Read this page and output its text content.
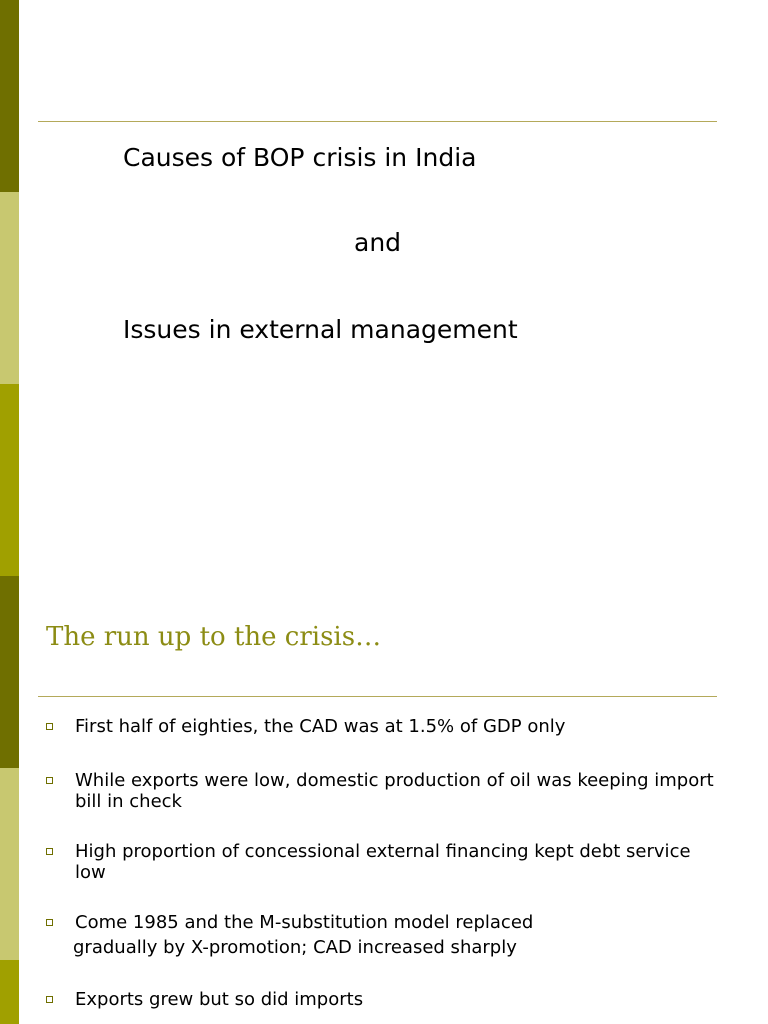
Causes of BOP crisis in India
and
Issues in external management
The run up to the crisis…
First half of eighties, the CAD was at 1.5% of GDP only
While exports were low, domestic production of oil was keeping import bill in check
High proportion of concessional external financing kept debt service low
Come 1985 and the M-substitution model replaced
gradually by X-promotion; CAD increased sharply
Exports grew but so did imports
